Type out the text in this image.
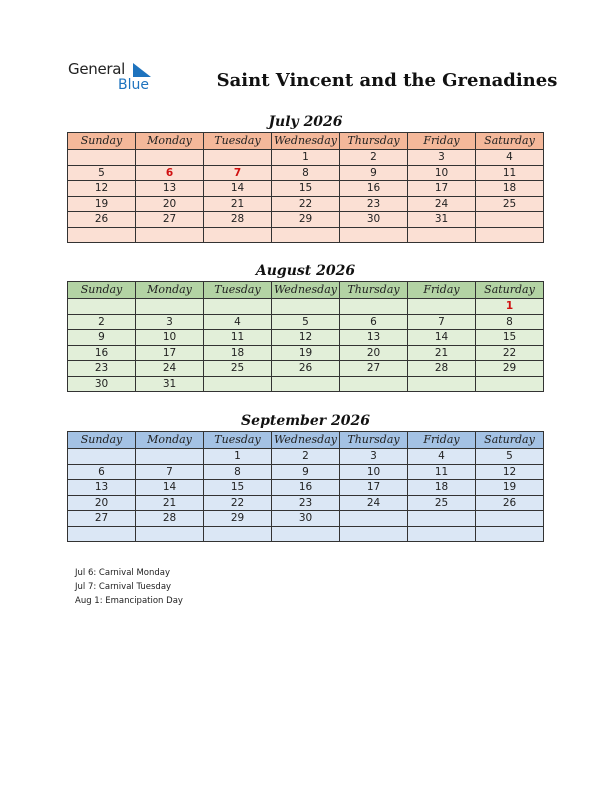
General
Blue	Saint Vincent and the Grenadines
July 2026
Sunday	Monday	Tuesday	Wednesday	Thursday	Friday	Saturday
			1	2	3	4
5	6	7	8	9	10	11
12	13	14	15	16	17	18
19	20	21	22	23	24	25
26	27	28	29	30	31	

August 2026
Sunday	Monday	Tuesday	Wednesday	Thursday	Friday	Saturday
						1
2	3	4	5	6	7	8
9	10	11	12	13	14	15
16	17	18	19	20	21	22
23	24	25	26	27	28	29
30	31					
September 2026
Sunday	Monday	Tuesday	Wednesday	Thursday	Friday	Saturday
		1	2	3	4	5
6	7	8	9	10	11	12
13	14	15	16	17	18	19
20	21	22	23	24	25	26
27	28	29	30			

Jul 6: Carnival Monday
Jul 7: Carnival Tuesday
Aug 1: Emancipation Day
